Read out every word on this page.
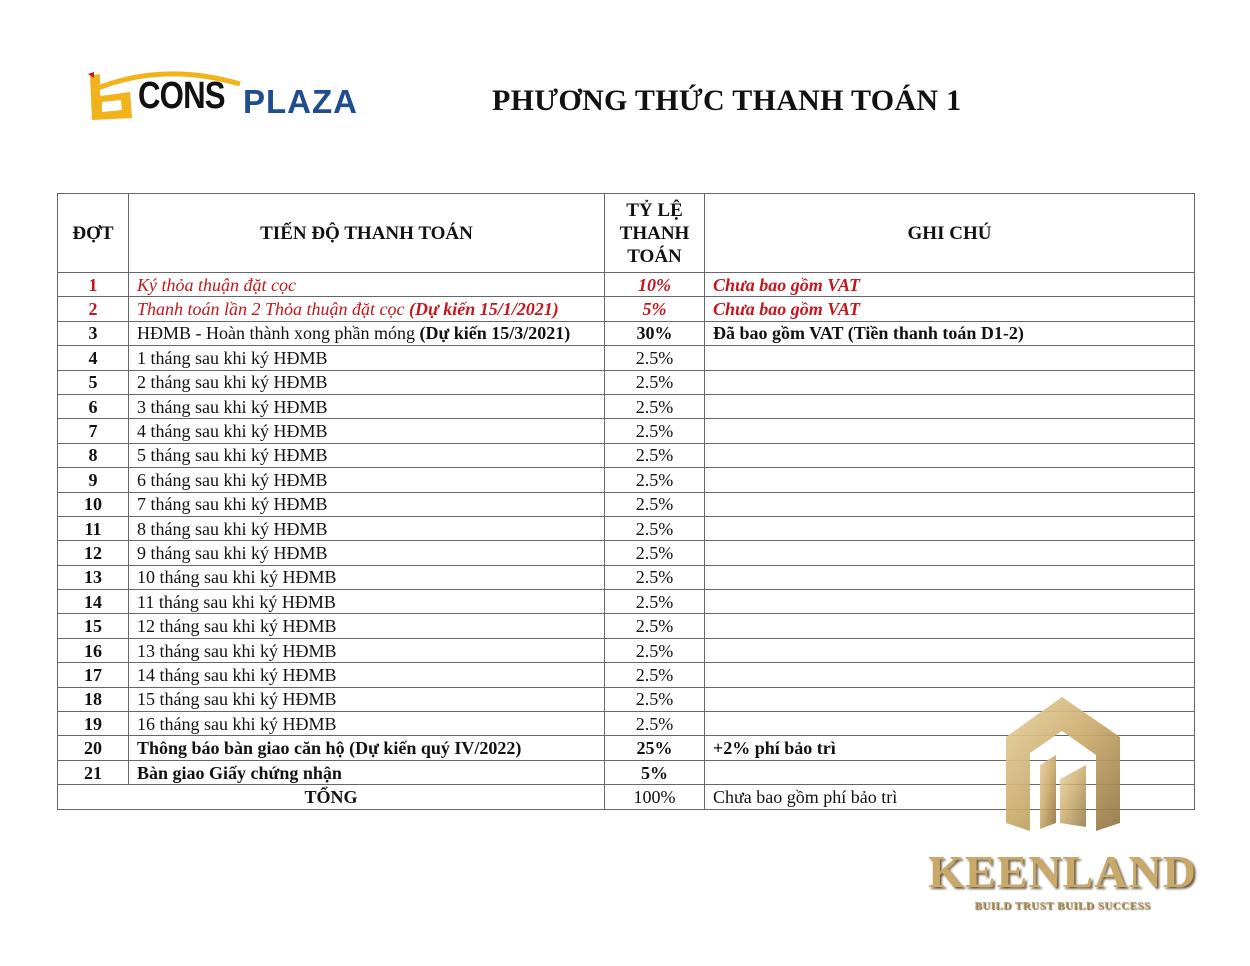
CONS PLAZA	PHƯƠNG THỨC THANH TOÁN 1
ĐỢT	TIẾN ĐỘ THANH TOÁN	TỶ LỆ THANH TOÁN	GHI CHÚ
1	Ký thỏa thuận đặt cọc	10%	Chưa bao gồm VAT
2	Thanh toán lần 2 Thỏa thuận đặt cọc (Dự kiến 15/1/2021)	5%	Chưa bao gồm VAT
3	HĐMB - Hoàn thành xong phần móng (Dự kiến 15/3/2021)	30%	Đã bao gồm VAT (Tiền thanh toán D1-2)
4	1 tháng sau khi ký HĐMB	2.5%	
5	2 tháng sau khi ký HĐMB	2.5%	
6	3 tháng sau khi ký HĐMB	2.5%	
7	4 tháng sau khi ký HĐMB	2.5%	
8	5 tháng sau khi ký HĐMB	2.5%	
9	6 tháng sau khi ký HĐMB	2.5%	
10	7 tháng sau khi ký HĐMB	2.5%	
11	8 tháng sau khi ký HĐMB	2.5%	
12	9 tháng sau khi ký HĐMB	2.5%	
13	10 tháng sau khi ký HĐMB	2.5%	
14	11 tháng sau khi ký HĐMB	2.5%	
15	12 tháng sau khi ký HĐMB	2.5%	
16	13 tháng sau khi ký HĐMB	2.5%	
17	14 tháng sau khi ký HĐMB	2.5%	
18	15 tháng sau khi ký HĐMB	2.5%	
19	16 tháng sau khi ký HĐMB	2.5%	
20	Thông báo bàn giao căn hộ (Dự kiến quý IV/2022)	25%	+2% phí bảo trì
21	Bàn giao Giấy chứng nhận	5%	
TỔNG		100%	Chưa bao gồm phí bảo trì
KEENLAND
BUILD TRUST BUILD SUCCESS
